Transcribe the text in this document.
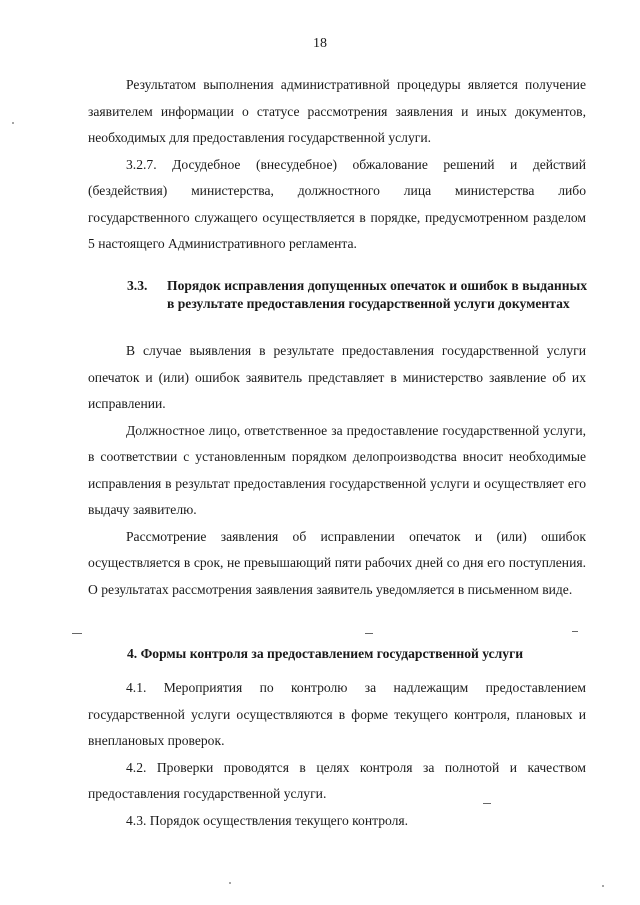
18

Результатом выполнения административной процедуры является получение заявителем информации о статусе рассмотрения заявления и иных документов, необходимых для предоставления государственной услуги.

3.2.7. Досудебное (внесудебное) обжалование решений и действий (бездействия) министерства, должностного лица министерства либо государственного служащего осуществляется в порядке, предусмотренном разделом 5 настоящего Административного регламента.

3.3.	Порядок исправления допущенных опечаток и ошибок в выданных в результате предоставления государственной услуги документах

В случае выявления в результате предоставления государственной услуги опечаток и (или) ошибок заявитель представляет в министерство заявление об их исправлении.

Должностное лицо, ответственное за предоставление государственной услуги, в соответствии с установленным порядком делопроизводства вносит необходимые исправления в результат предоставления государственной услуги и осуществляет его выдачу заявителю.

Рассмотрение заявления об исправлении опечаток и (или) ошибок осуществляется в срок, не превышающий пяти рабочих дней со дня его поступления. О результатах рассмотрения заявления заявитель уведомляется в письменном виде.

4. Формы контроля за предоставлением государственной услуги

4.1. Мероприятия по контролю за надлежащим предоставлением государственной услуги осуществляются в форме текущего контроля, плановых и внеплановых проверок.

4.2. Проверки проводятся в целях контроля за полнотой и качеством предоставления государственной услуги.

4.3. Порядок осуществления текущего контроля.
